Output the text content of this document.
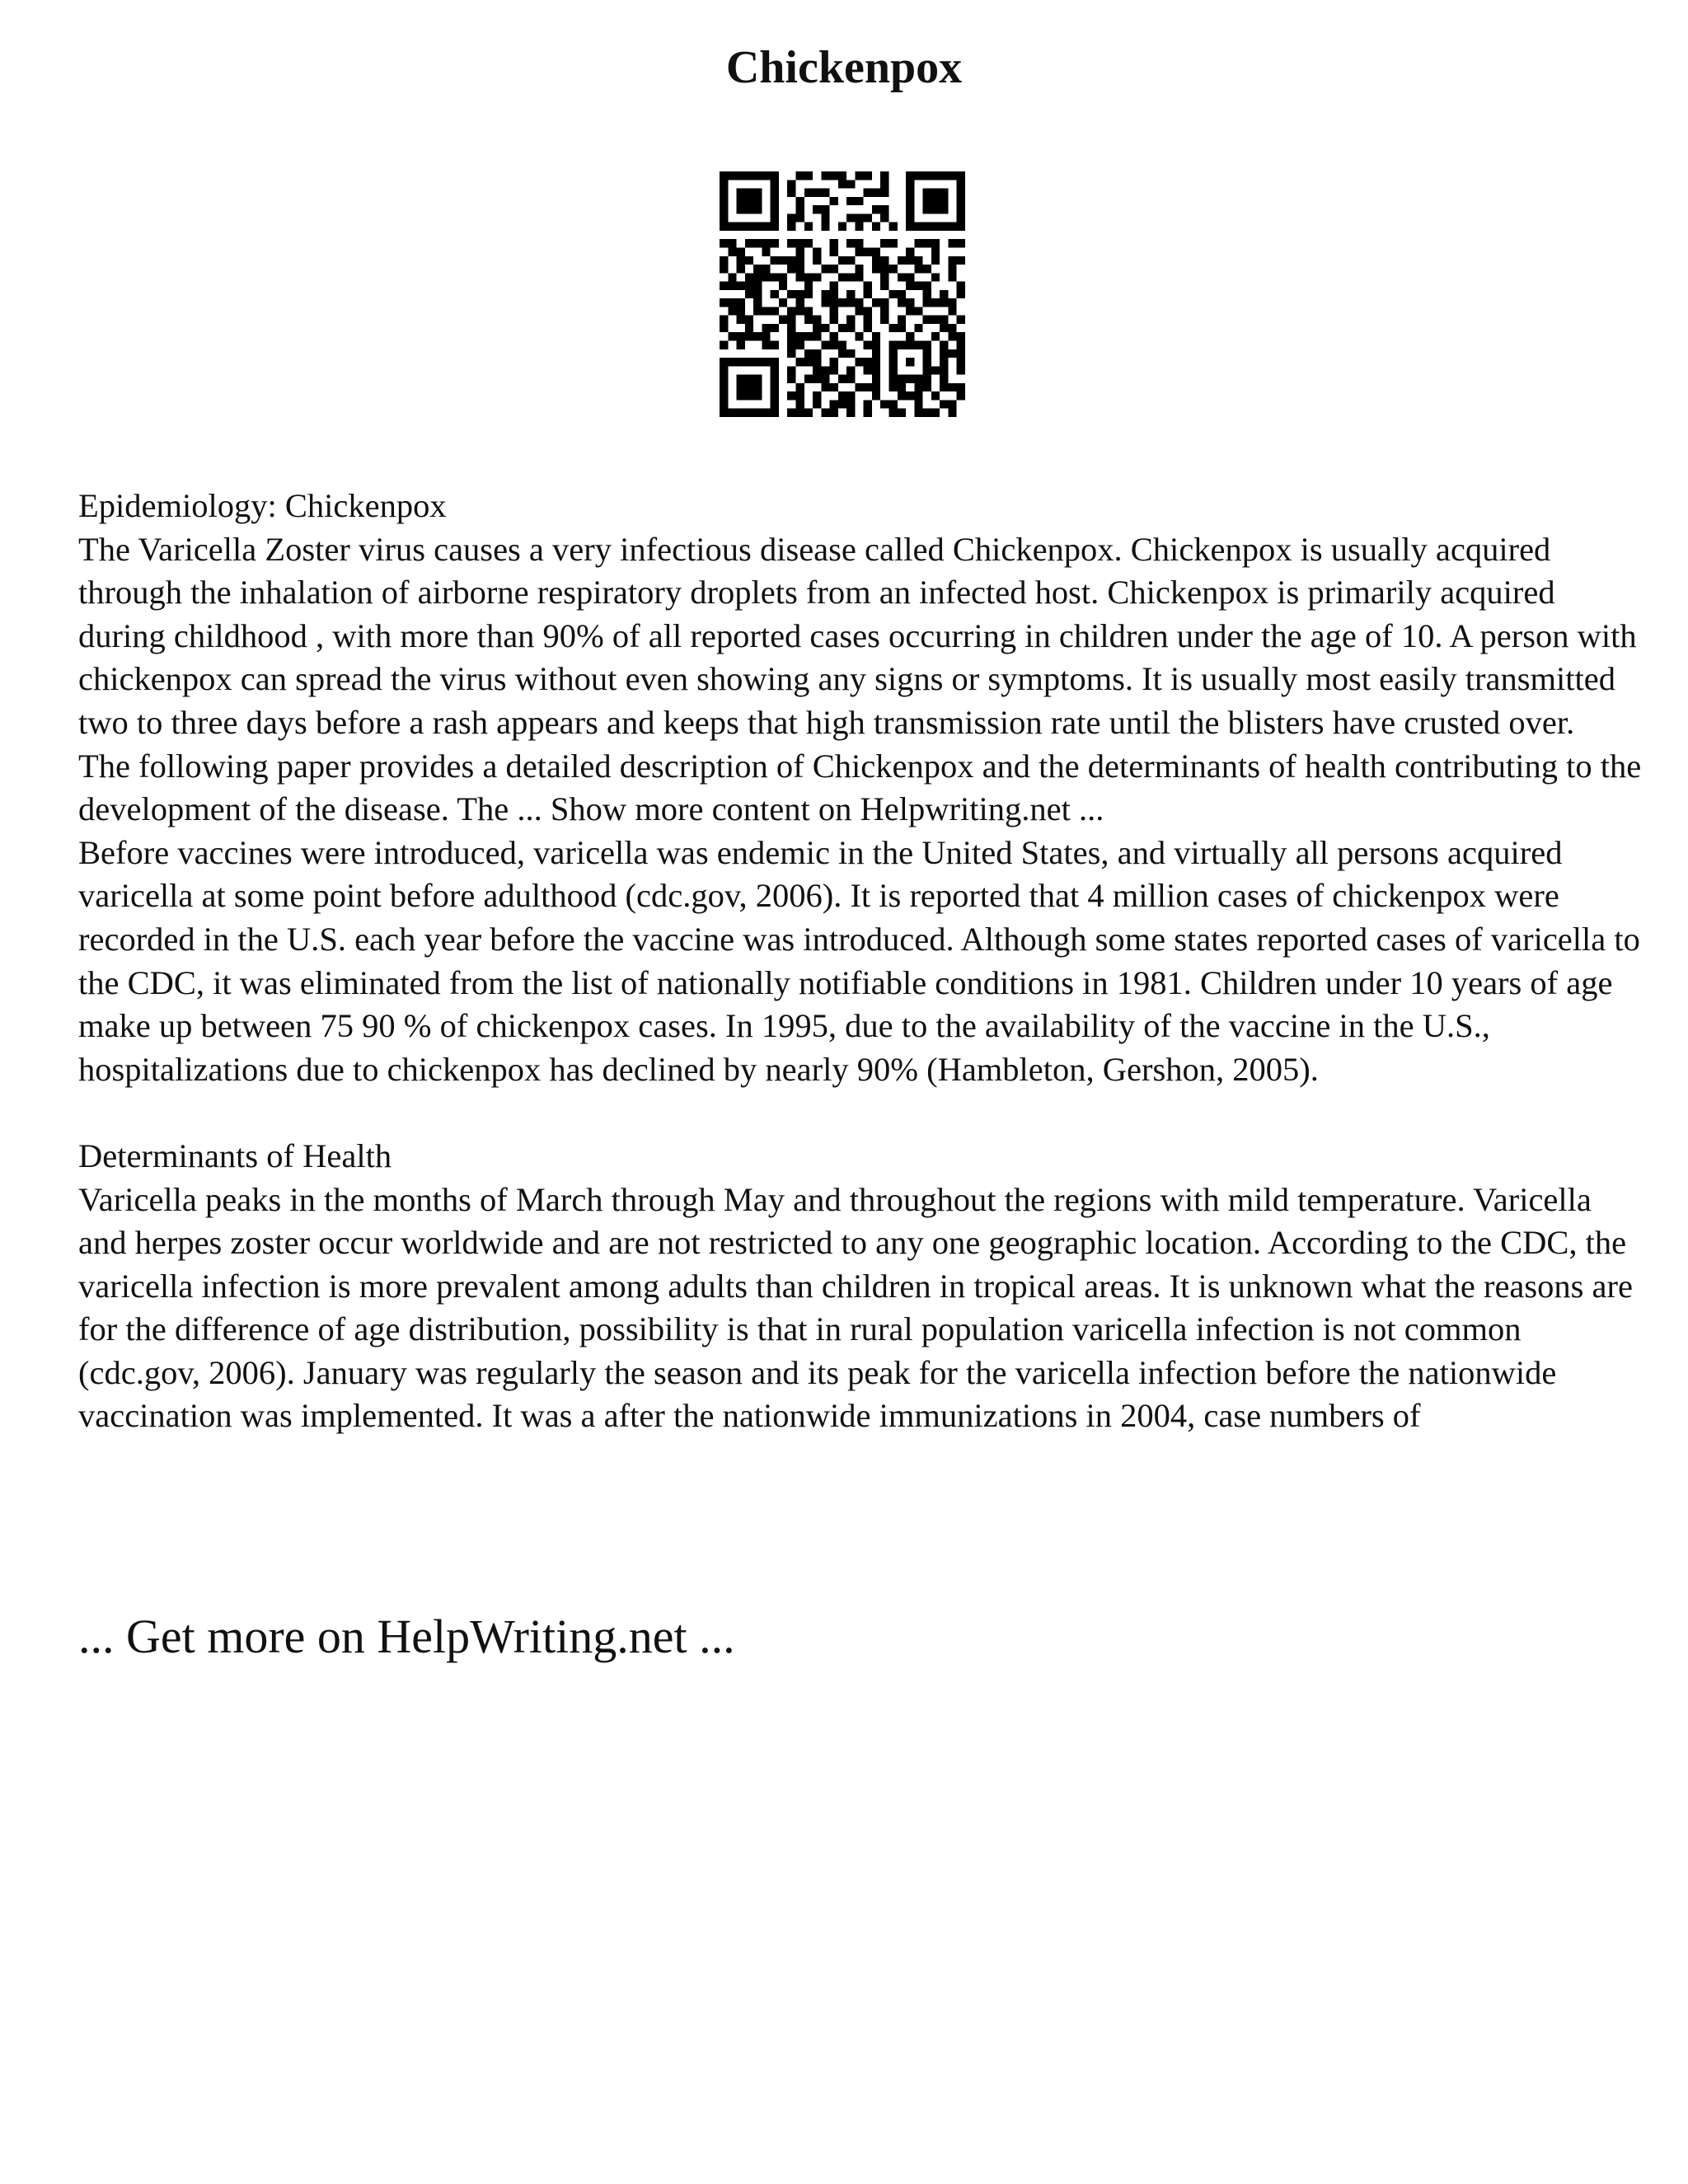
Chickenpox

Epidemiology: Chickenpox

The Varicella Zoster virus causes a very infectious disease called Chickenpox. Chickenpox is usually acquired through the inhalation of airborne respiratory droplets from an infected host. Chickenpox is primarily acquired during childhood , with more than 90% of all reported cases occurring in children under the age of 10. A person with chickenpox can spread the virus without even showing any signs or symptoms. It is usually most easily transmitted two to three days before a rash appears and keeps that high transmission rate until the blisters have crusted over.

The following paper provides a detailed description of Chickenpox and the determinants of health contributing to the development of the disease. The ... Show more content on Helpwriting.net ...

Before vaccines were introduced, varicella was endemic in the United States, and virtually all persons acquired varicella at some point before adulthood (cdc.gov, 2006). It is reported that 4 million cases of chickenpox were recorded in the U.S. each year before the vaccine was introduced. Although some states reported cases of varicella to the CDC, it was eliminated from the list of nationally notifiable conditions in 1981. Children under 10 years of age make up between 75 90 % of chickenpox cases. In 1995, due to the availability of the vaccine in the U.S., hospitalizations due to chickenpox has declined by nearly 90% (Hambleton, Gershon, 2005).

Determinants of Health

Varicella peaks in the months of March through May and throughout the regions with mild temperature. Varicella and herpes zoster occur worldwide and are not restricted to any one geographic location. According to the CDC, the varicella infection is more prevalent among adults than children in tropical areas. It is unknown what the reasons are for the difference of age distribution, possibility is that in rural population varicella infection is not common (cdc.gov, 2006). January was regularly the season and its peak for the varicella infection before the nationwide vaccination was implemented. It was a after the nationwide immunizations in 2004, case numbers of

... Get more on HelpWriting.net ...
